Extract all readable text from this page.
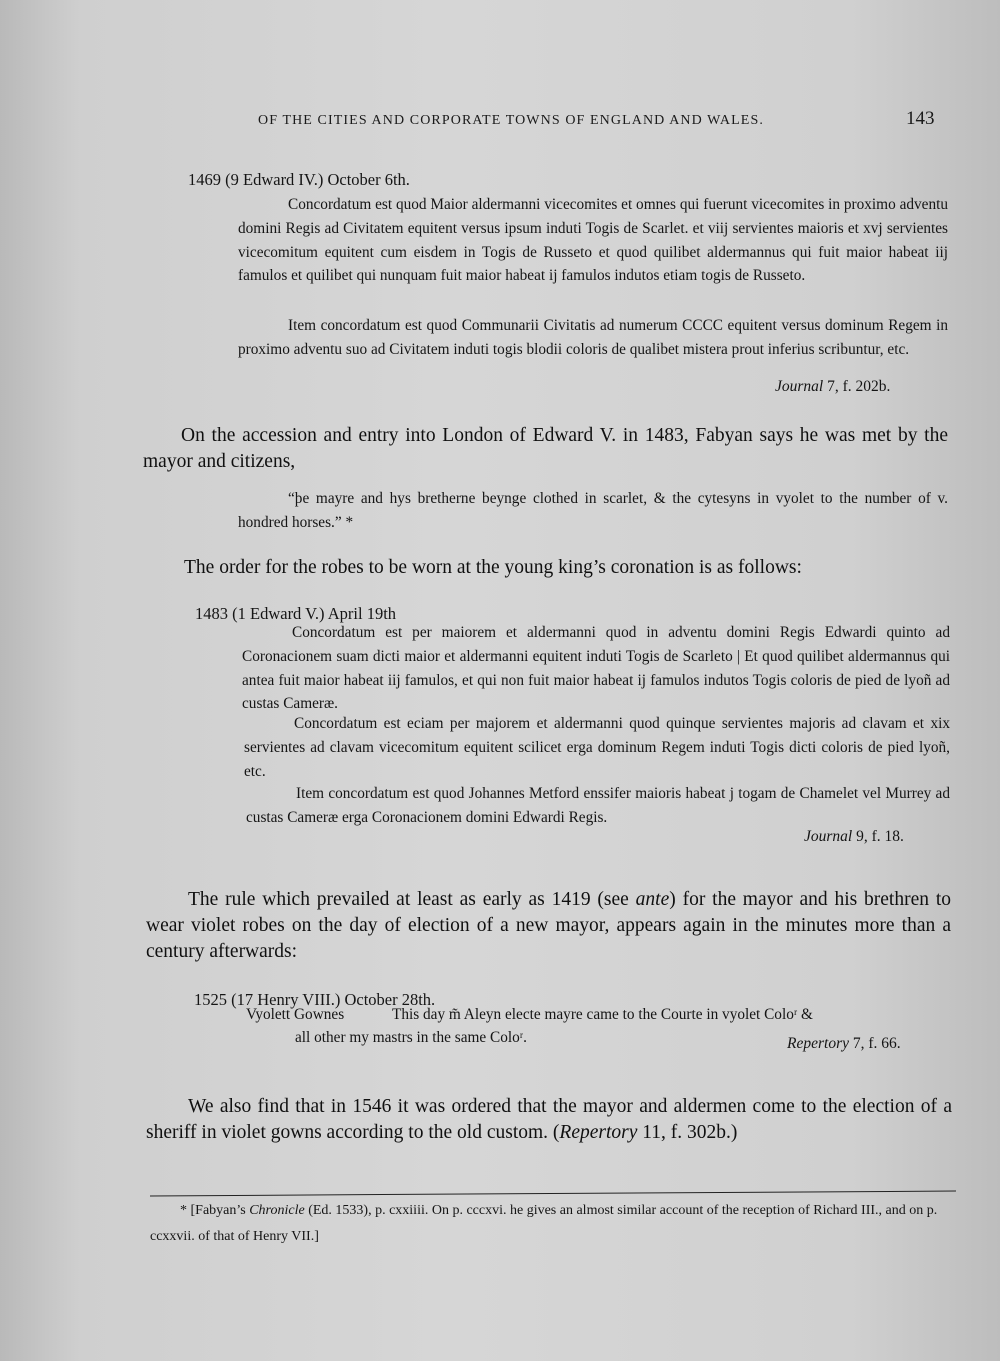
OF THE CITIES AND CORPORATE TOWNS OF ENGLAND AND WALES.	143
1469 (9 Edward IV.) October 6th.
Concordatum est quod Maior aldermanni vicecomites et omnes qui fuerunt vicecomites in proximo adventu domini Regis ad Civitatem equitent versus ipsum induti Togis de Scarlet. et viij servientes maioris et xvj servientes vicecomitum equitent cum eisdem in Togis de Russeto et quod quilibet aldermannus qui fuit maior habeat iij famulos et quilibet qui nunquam fuit maior habeat ij famulos indutos etiam togis de Russeto.
Item concordatum est quod Communarii Civitatis ad numerum CCCC equitent versus dominum Regem in proximo adventu suo ad Civitatem induti togis blodii coloris de qualibet mistera prout inferius scribuntur, etc.
Journal 7, f. 202b.
On the accession and entry into London of Edward V. in 1483, Fabyan says he was met by the mayor and citizens,
“þe mayre and hys bretherne beynge clothed in scarlet, & the cytesyns in vyolet to the number of v. hondred horses.” *
The order for the robes to be worn at the young king’s coronation is as follows:
1483 (1 Edward V.) April 19th
Concordatum est per maiorem et aldermanni quod in adventu domini Regis Edwardi quinto ad Coronacionem suam dicti maior et aldermanni equitent induti Togis de Scarleto | Et quod quilibet aldermannus qui antea fuit maior habeat iij famulos, et qui non fuit maior habeat ij famulos indutos Togis coloris de pied de lyoñ ad custas Cameræ.
Concordatum est eciam per majorem et aldermanni quod quinque servientes majoris ad clavam et xix servientes ad clavam vicecomitum equitent scilicet erga dominum Regem induti Togis dicti coloris de pied lyoñ, etc.
Item concordatum est quod Johannes Metford enssifer maioris habeat j togam de Chamelet vel Murrey ad custas Cameræ erga Coronacionem domini Edwardi Regis.
Journal 9, f. 18.
The rule which prevailed at least as early as 1419 (see ante) for the mayor and his brethren to wear violet robes on the day of election of a new mayor, appears again in the minutes more than a century afterwards:
1525 (17 Henry VIII.) October 28th.
Vyolett Gownes	This day m̃ Aleyn electe mayre came to the Courte in vyolet Coloʳ &
all other my mastrs in the same Coloʳ.	Repertory 7, f. 66.
We also find that in 1546 it was ordered that the mayor and aldermen come to the election of a sheriff in violet gowns according to the old custom. (Repertory 11, f. 302b.)
* [Fabyan’s Chronicle (Ed. 1533), p. cxxiiii. On p. cccxvi. he gives an almost similar account of the reception of Richard III., and on p. ccxxvii. of that of Henry VII.]
